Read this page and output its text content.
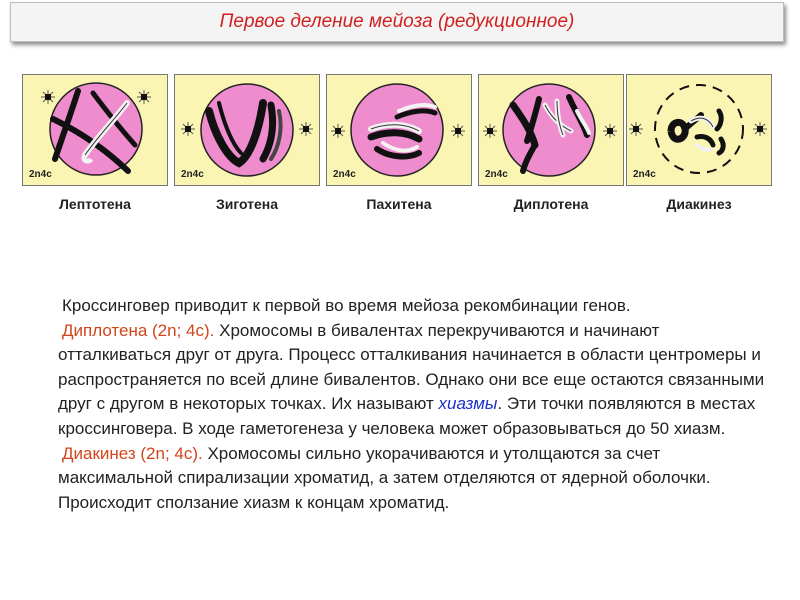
Первое деление мейоза (редукционное)
2n4c
Лептотена
2n4c
Зиготена
2n4c
Пахитена
2n4c
Диплотена
2n4c
Диакинез

Кроссинговер приводит к первой во время мейоза рекомбинации генов.

Диплотена (2n; 4c). Хромосомы в бивалентах перекручиваются и начинают отталкиваться друг от друга. Процесс отталкивания начинается в области центромеры и распространяется по всей длине бивалентов. Однако они все еще остаются связанными друг с другом в некоторых точках. Их называют хиазмы. Эти точки появляются в местах кроссинговера. В ходе гаметогенеза у человека может образовываться до 50 хиазм.

Диакинез (2n; 4c). Хромосомы сильно укорачиваются и утолщаются за счет максимальной спирализации хроматид, а затем отделяются от ядерной оболочки. Происходит сползание хиазм к концам хроматид.
